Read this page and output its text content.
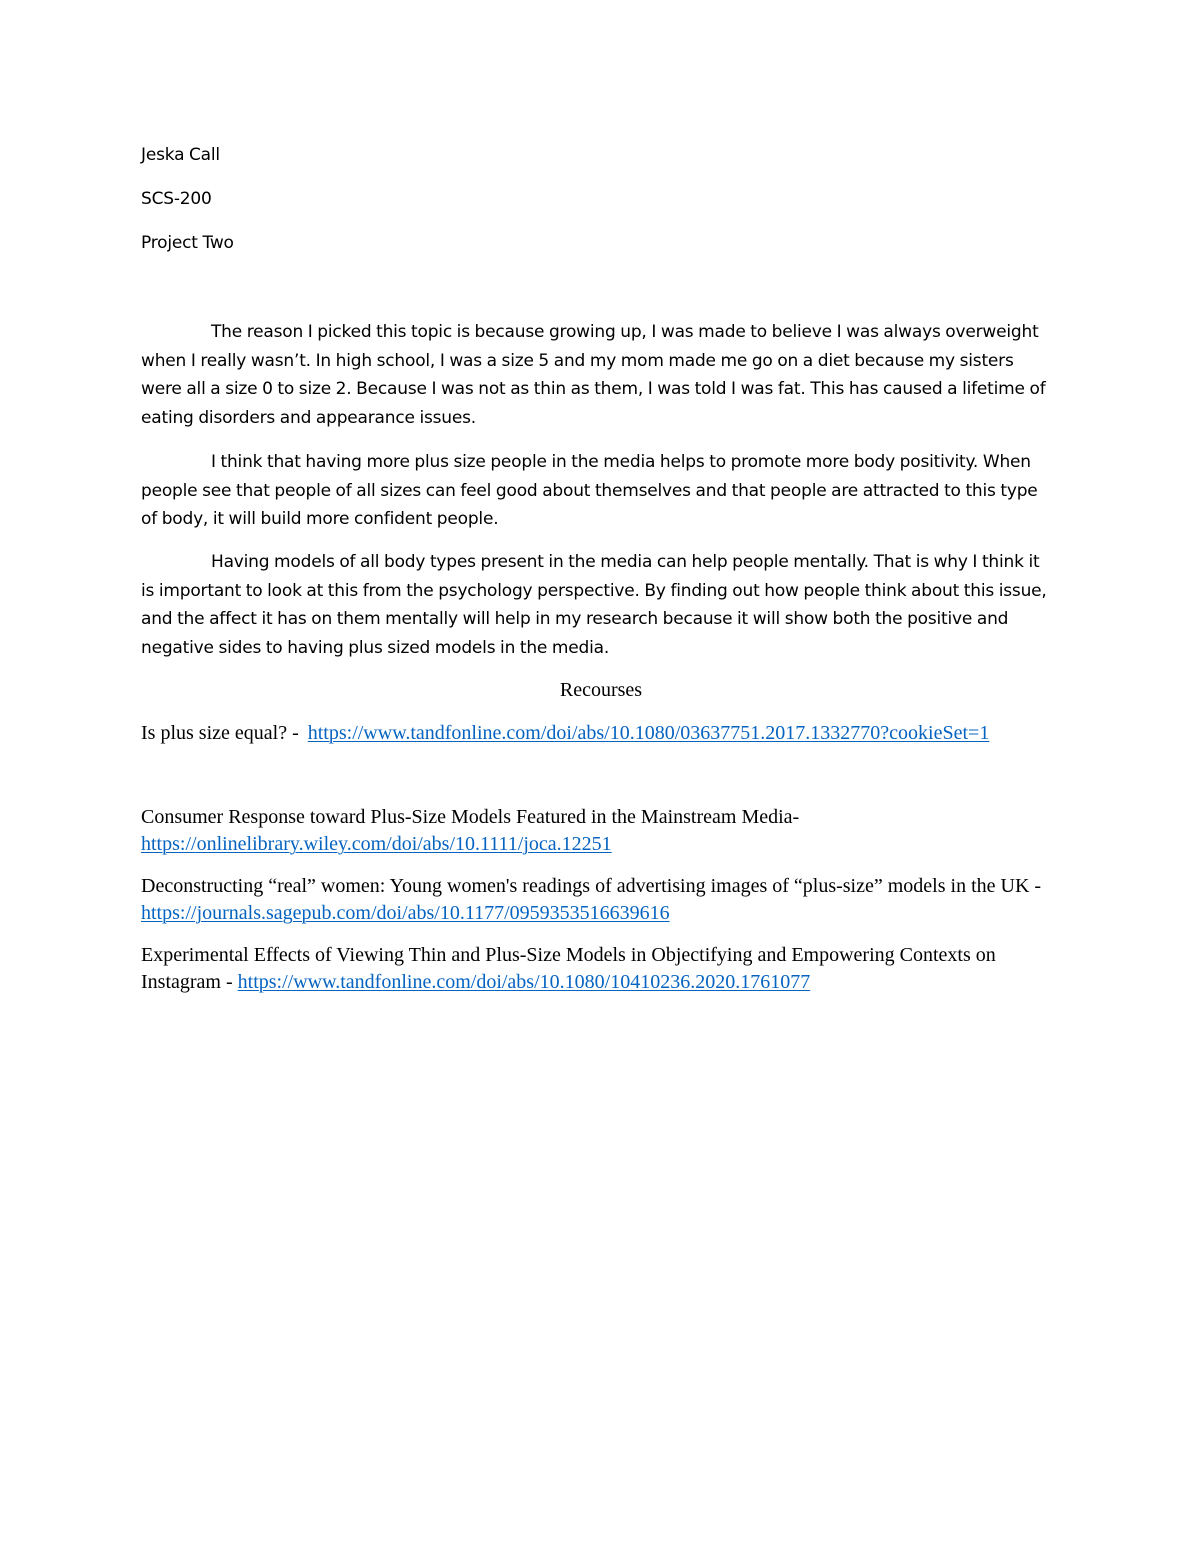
Jeska Call

SCS-200

Project Two

The reason I picked this topic is because growing up, I was made to believe I was always overweight when I really wasn’t. In high school, I was a size 5 and my mom made me go on a diet because my sisters were all a size 0 to size 2. Because I was not as thin as them, I was told I was fat. This has caused a lifetime of eating disorders and appearance issues.

I think that having more plus size people in the media helps to promote more body positivity. When people see that people of all sizes can feel good about themselves and that people are attracted to this type of body, it will build more confident people.

Having models of all body types present in the media can help people mentally. That is why I think it is important to look at this from the psychology perspective. By finding out how people think about this issue, and the affect it has on them mentally will help in my research because it will show both the positive and negative sides to having plus sized models in the media.

Recourses

Is plus size equal? - https://www.tandfonline.com/doi/abs/10.1080/03637751.2017.1332770?cookieSet=1

Consumer Response toward Plus-Size Models Featured in the Mainstream Media-
https://onlinelibrary.wiley.com/doi/abs/10.1111/joca.12251

Deconstructing “real” women: Young women's readings of advertising images of “plus-size” models in the UK - https://journals.sagepub.com/doi/abs/10.1177/0959353516639616

Experimental Effects of Viewing Thin and Plus-Size Models in Objectifying and Empowering Contexts on Instagram - https://www.tandfonline.com/doi/abs/10.1080/10410236.2020.1761077
